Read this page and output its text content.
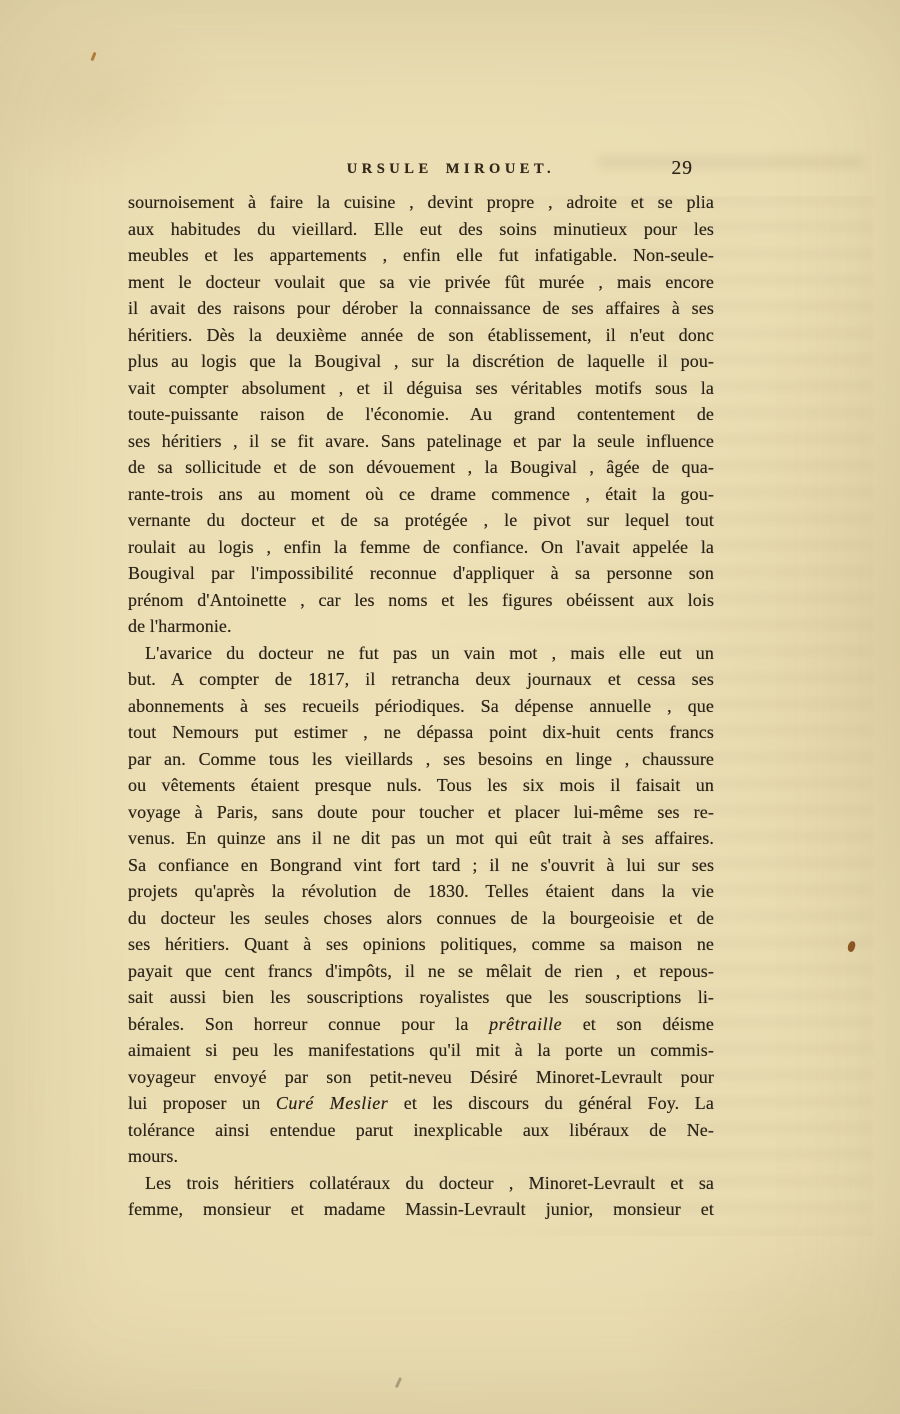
URSULE MIROUET.	29
sournoisement à faire la cuisine , devint propre , adroite et se plia
aux habitudes du vieillard. Elle eut des soins minutieux pour les
meubles et les appartements , enfin elle fut infatigable. Non-seule-
ment le docteur voulait que sa vie privée fût murée , mais encore
il avait des raisons pour dérober la connaissance de ses affaires à ses
héritiers. Dès la deuxième année de son établissement, il n'eut donc
plus au logis que la Bougival , sur la discrétion de laquelle il pou-
vait compter absolument , et il déguisa ses véritables motifs sous la
toute-puissante raison de l'économie. Au grand contentement de
ses héritiers , il se fit avare. Sans patelinage et par la seule influence
de sa sollicitude et de son dévouement , la Bougival , âgée de qua-
rante-trois ans au moment où ce drame commence , était la gou-
vernante du docteur et de sa protégée , le pivot sur lequel tout
roulait au logis , enfin la femme de confiance. On l'avait appelée la
Bougival par l'impossibilité reconnue d'appliquer à sa personne son
prénom d'Antoinette , car les noms et les figures obéissent aux lois
de l'harmonie.
L'avarice du docteur ne fut pas un vain mot , mais elle eut un
but. A compter de 1817, il retrancha deux journaux et cessa ses
abonnements à ses recueils périodiques. Sa dépense annuelle , que
tout Nemours put estimer , ne dépassa point dix-huit cents francs
par an. Comme tous les vieillards , ses besoins en linge , chaussure
ou vêtements étaient presque nuls. Tous les six mois il faisait un
voyage à Paris, sans doute pour toucher et placer lui-même ses re-
venus. En quinze ans il ne dit pas un mot qui eût trait à ses affaires.
Sa confiance en Bongrand vint fort tard ; il ne s'ouvrit à lui sur ses
projets qu'après la révolution de 1830. Telles étaient dans la vie
du docteur les seules choses alors connues de la bourgeoisie et de
ses héritiers. Quant à ses opinions politiques, comme sa maison ne
payait que cent francs d'impôts, il ne se mêlait de rien , et repous-
sait aussi bien les souscriptions royalistes que les souscriptions li-
bérales. Son horreur connue pour la prêtraille et son déisme
aimaient si peu les manifestations qu'il mit à la porte un commis-
voyageur envoyé par son petit-neveu Désiré Minoret-Levrault pour
lui proposer un Curé Meslier et les discours du général Foy. La
tolérance ainsi entendue parut inexplicable aux libéraux de Ne-
mours.
Les trois héritiers collatéraux du docteur , Minoret-Levrault et sa
femme, monsieur et madame Massin-Levrault junior, monsieur et
